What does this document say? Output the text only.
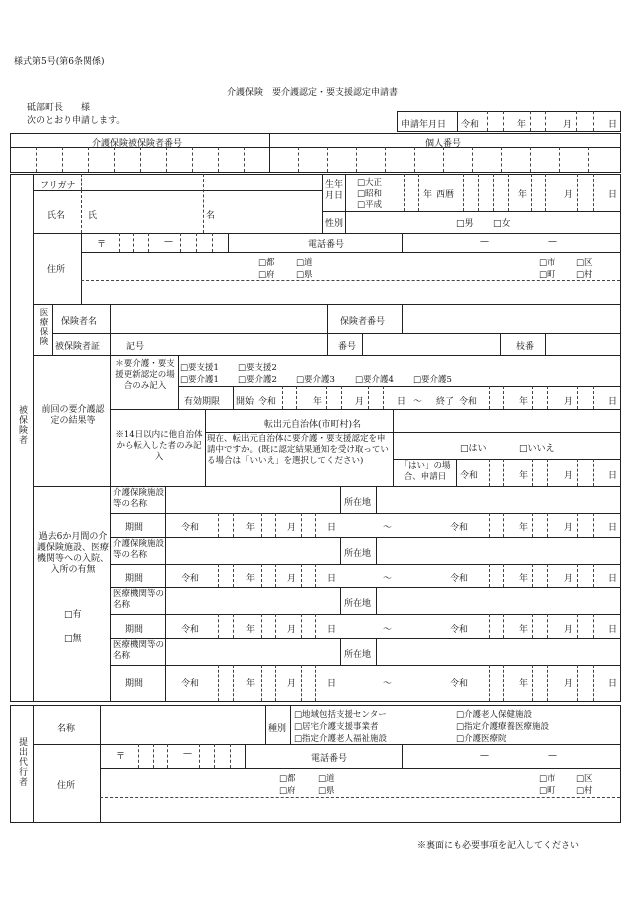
様式第5号(第6条関係)
介護保険　要介護認定・要支援認定申請書
砥部町長　　様
次のとおり申請します。	申請年月日 令和	年	月	日
介護保険被保険者番号	個人番号
被保険者
フリガナ
氏名	氏	名
生年月日
□大正
□昭和
□平成
年 西暦	年	月	日
性別	□男 □女
住所
〒	—	電話番号	—	—
□都	□道
□府	□県
□市 □区
□町 □村
医療保険 保険者名	保険者番号
被保険者証	記号	番号	枝番
前回の要介護認定の結果等
＊要介護・要支援更新認定の場合のみ記入
□要支援1 □要支援2
□要介護1 □要介護2 □要介護3 □要介護4 □要介護5
有効期限 開始 令和	年	月	日 ～ 終了 令和	年	月	日
※14日以内に他自治体から転入した者のみ記入
転出元自治体(市町村)名
現在、転出元自治体に要介護・要支援認定を申請中ですか。(既に認定結果通知を受け取っている場合は「いいえ」を選択してください)
□はい	□いいえ
「はい」の場合、申請日	令和	年	月	日
過去6か月間の介護保険施設、医療機関等への入院、入所の有無
□有
□無
介護保険施設等の名称	所在地
期間	令和	年	月	日	～	令和	年	月	日
介護保険施設等の名称	所在地
期間	令和	年	月	日	～	令和	年	月	日
医療機関等の名称	所在地
期間	令和	年	月	日	～	令和	年	月	日
医療機関等の名称	所在地
期間	令和	年	月	日	～	令和	年	月	日
提出代行者
名称	種別
□地域包括支援センター	□介護老人保健施設
□居宅介護支援事業者	□指定介護療養医療施設
□指定介護老人福祉施設	□介護医療院
住所
〒	—	電話番号	—	—
□都	□道
□府	□県
□市 □区
□町 □村
※裏面にも必要事項を記入してください
